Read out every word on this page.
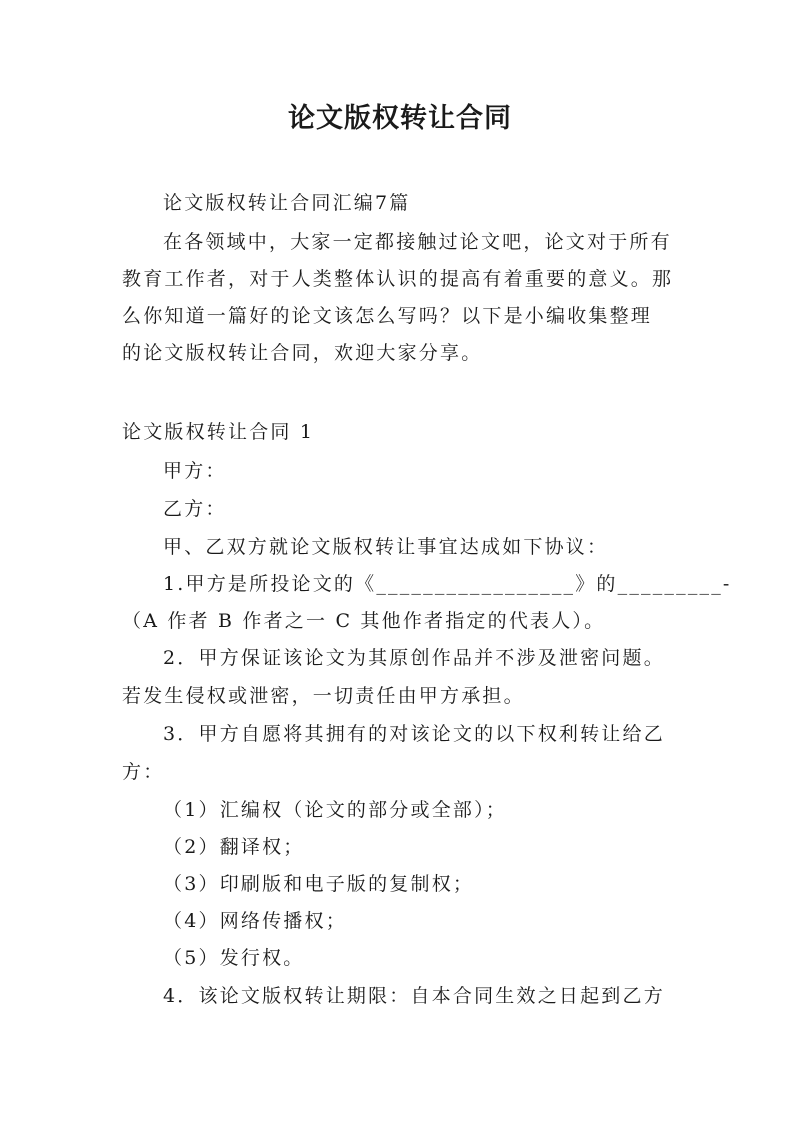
论文版权转让合同
论文版权转让合同汇编7篇
在各领域中，大家一定都接触过论文吧，论文对于所有
教育工作者，对于人类整体认识的提高有着重要的意义。那
么你知道一篇好的论文该怎么写吗？以下是小编收集整理
的论文版权转让合同，欢迎大家分享。
论文版权转让合同 1
甲方：
乙方：
甲、乙双方就论文版权转让事宜达成如下协议：
1.甲方是所投论文的《_________________》的_________-
（A 作者 B 作者之一 C 其他作者指定的代表人）。
2．甲方保证该论文为其原创作品并不涉及泄密问题。
若发生侵权或泄密，一切责任由甲方承担。
3．甲方自愿将其拥有的对该论文的以下权利转让给乙
方：
（1）汇编权（论文的部分或全部）；
（2）翻译权；
（3）印刷版和电子版的复制权；
（4）网络传播权；
（5）发行权。
4．该论文版权转让期限：自本合同生效之日起到乙方
